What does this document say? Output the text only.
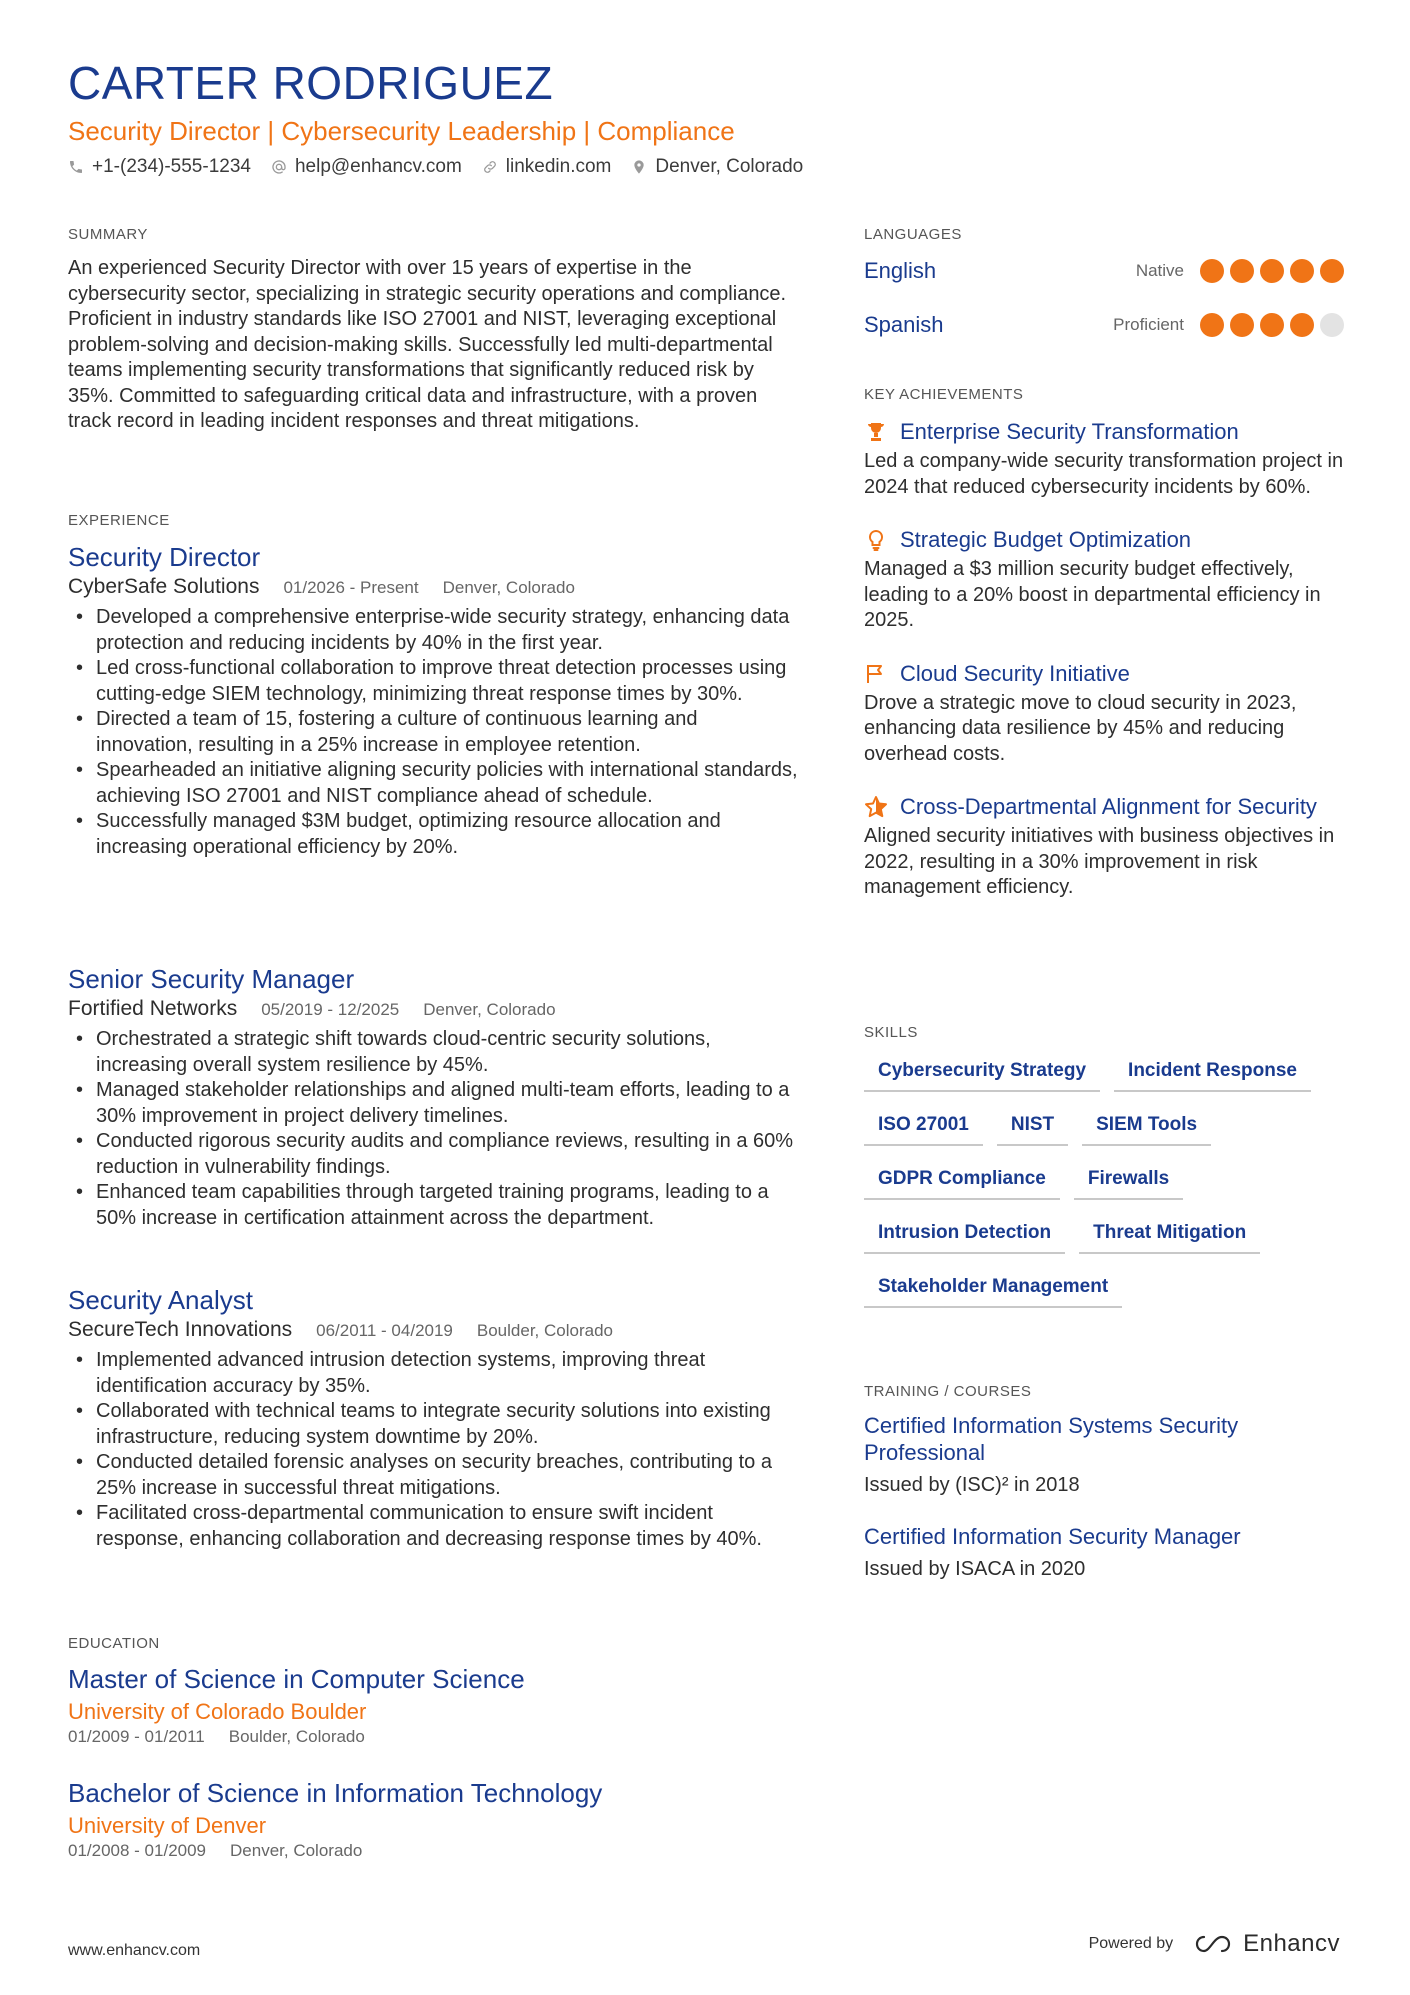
CARTER RODRIGUEZ
Security Director | Cybersecurity Leadership | Compliance
+1-(234)-555-1234 help@enhancv.com linkedin.com Denver, Colorado
SUMMARY
An experienced Security Director with over 15 years of expertise in the cybersecurity sector, specializing in strategic security operations and compliance. Proficient in industry standards like ISO 27001 and NIST, leveraging exceptional problem-solving and decision-making skills. Successfully led multi-departmental teams implementing security transformations that significantly reduced risk by 35%. Committed to safeguarding critical data and infrastructure, with a proven track record in leading incident responses and threat mitigations.
EXPERIENCE
Security Director
CyberSafe Solutions 01/2026 - Present Denver, Colorado
• Developed a comprehensive enterprise-wide security strategy, enhancing data protection and reducing incidents by 40% in the first year.
• Led cross-functional collaboration to improve threat detection processes using cutting-edge SIEM technology, minimizing threat response times by 30%.
• Directed a team of 15, fostering a culture of continuous learning and innovation, resulting in a 25% increase in employee retention.
• Spearheaded an initiative aligning security policies with international standards, achieving ISO 27001 and NIST compliance ahead of schedule.
• Successfully managed $3M budget, optimizing resource allocation and increasing operational efficiency by 20%.
Senior Security Manager
Fortified Networks 05/2019 - 12/2025 Denver, Colorado
• Orchestrated a strategic shift towards cloud-centric security solutions, increasing overall system resilience by 45%.
• Managed stakeholder relationships and aligned multi-team efforts, leading to a 30% improvement in project delivery timelines.
• Conducted rigorous security audits and compliance reviews, resulting in a 60% reduction in vulnerability findings.
• Enhanced team capabilities through targeted training programs, leading to a 50% increase in certification attainment across the department.
Security Analyst
SecureTech Innovations 06/2011 - 04/2019 Boulder, Colorado
• Implemented advanced intrusion detection systems, improving threat identification accuracy by 35%.
• Collaborated with technical teams to integrate security solutions into existing infrastructure, reducing system downtime by 20%.
• Conducted detailed forensic analyses on security breaches, contributing to a 25% increase in successful threat mitigations.
• Facilitated cross-departmental communication to ensure swift incident response, enhancing collaboration and decreasing response times by 40%.
EDUCATION
Master of Science in Computer Science
University of Colorado Boulder
01/2009 - 01/2011 Boulder, Colorado
Bachelor of Science in Information Technology
University of Denver
01/2008 - 01/2009 Denver, Colorado
LANGUAGES
English	Native
Spanish	Proficient
KEY ACHIEVEMENTS
Enterprise Security Transformation
Led a company-wide security transformation project in 2024 that reduced cybersecurity incidents by 60%.
Strategic Budget Optimization
Managed a $3 million security budget effectively, leading to a 20% boost in departmental efficiency in 2025.
Cloud Security Initiative
Drove a strategic move to cloud security in 2023, enhancing data resilience by 45% and reducing overhead costs.
Cross-Departmental Alignment for Security
Aligned security initiatives with business objectives in 2022, resulting in a 30% improvement in risk management efficiency.
SKILLS
Cybersecurity Strategy	Incident Response
ISO 27001	NIST	SIEM Tools
GDPR Compliance	Firewalls
Intrusion Detection	Threat Mitigation
Stakeholder Management
TRAINING / COURSES
Certified Information Systems Security Professional
Issued by (ISC)² in 2018
Certified Information Security Manager
Issued by ISACA in 2020
www.enhancv.com	Powered by	Enhancv
